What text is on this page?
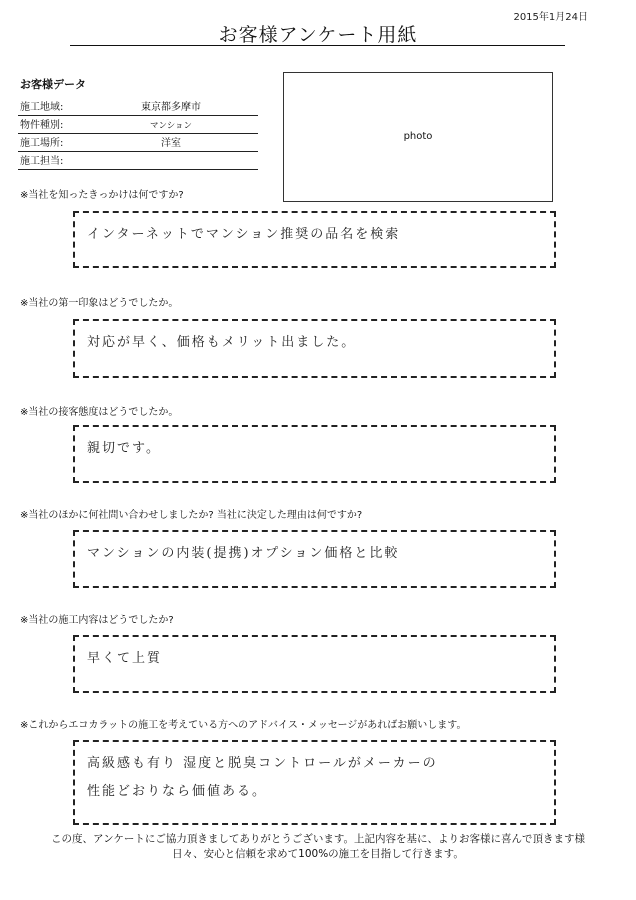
2015年1月24日
お客様アンケート用紙
お客様データ
施工地域:	東京都多摩市
物件種別:	マンション
施工場所:	洋室
施工担当:
photo
※当社を知ったきっかけは何ですか?
インターネットでマンション推奨の品名を検索
※当社の第一印象はどうでしたか。
対応が早く、価格もメリット出ました。
※当社の接客態度はどうでしたか。
親切です。
※当社のほかに何社問い合わせしましたか? 当社に決定した理由は何ですか?
マンションの内装(提携)オプション価格と比較
※当社の施工内容はどうでしたか?
早くて上質
※これからエコカラットの施工を考えている方へのアドバイス・メッセージがあればお願いします。
高級感も有り 湿度と脱臭コントロールがメーカーの
性能どおりなら価値ある。
この度、アンケートにご協力頂きましてありがとうございます。上記内容を基に、よりお客様に喜んで頂きます様
日々、安心と信頼を求めて100%の施工を目指して行きます。
